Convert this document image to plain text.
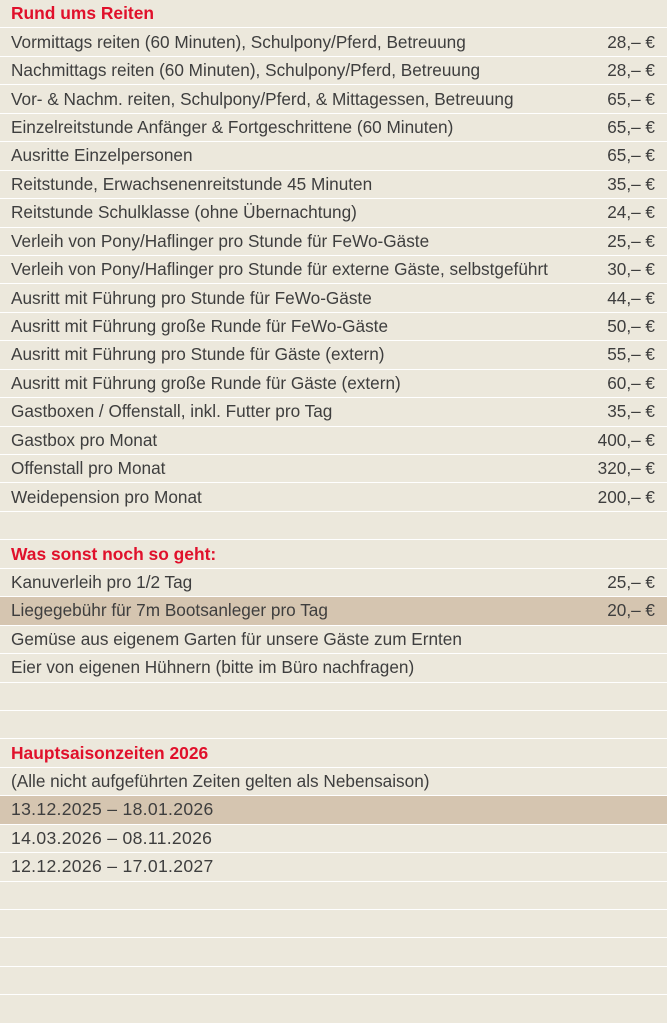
Rund ums Reiten
Vormittags reiten (60 Minuten), Schulpony/Pferd, Betreuung	28,– €
Nachmittags reiten (60 Minuten), Schulpony/Pferd, Betreuung	28,– €
Vor- & Nachm. reiten, Schulpony/Pferd, & Mittagessen, Betreuung	65,– €
Einzelreitstunde Anfänger & Fortgeschrittene (60 Minuten)	65,– €
Ausritte Einzelpersonen	65,– €
Reitstunde, Erwachsenenreitstunde 45 Minuten	35,– €
Reitstunde Schulklasse (ohne Übernachtung)	24,– €
Verleih von Pony/Haflinger pro Stunde für FeWo-Gäste	25,– €
Verleih von Pony/Haflinger pro Stunde für externe Gäste, selbstgeführt	30,– €
Ausritt mit Führung pro Stunde für FeWo-Gäste	44,– €
Ausritt mit Führung große Runde für FeWo-Gäste	50,– €
Ausritt mit Führung pro Stunde für Gäste (extern)	55,– €
Ausritt mit Führung große Runde für Gäste (extern)	60,– €
Gastboxen / Offenstall, inkl. Futter pro Tag	35,– €
Gastbox pro Monat	400,– €
Offenstall pro Monat	320,– €
Weidepension pro Monat	200,– €
Was sonst noch so geht:
Kanuverleih pro 1/2 Tag	25,– €
Liegegebühr für 7m Bootsanleger pro Tag	20,– €
Gemüse aus eigenem Garten für unsere Gäste zum Ernten
Eier von eigenen Hühnern (bitte im Büro nachfragen)
Hauptsaisonzeiten 2026
(Alle nicht aufgeführten Zeiten gelten als Nebensaison)
13.12.2025 – 18.01.2026
14.03.2026 – 08.11.2026
12.12.2026 – 17.01.2027
